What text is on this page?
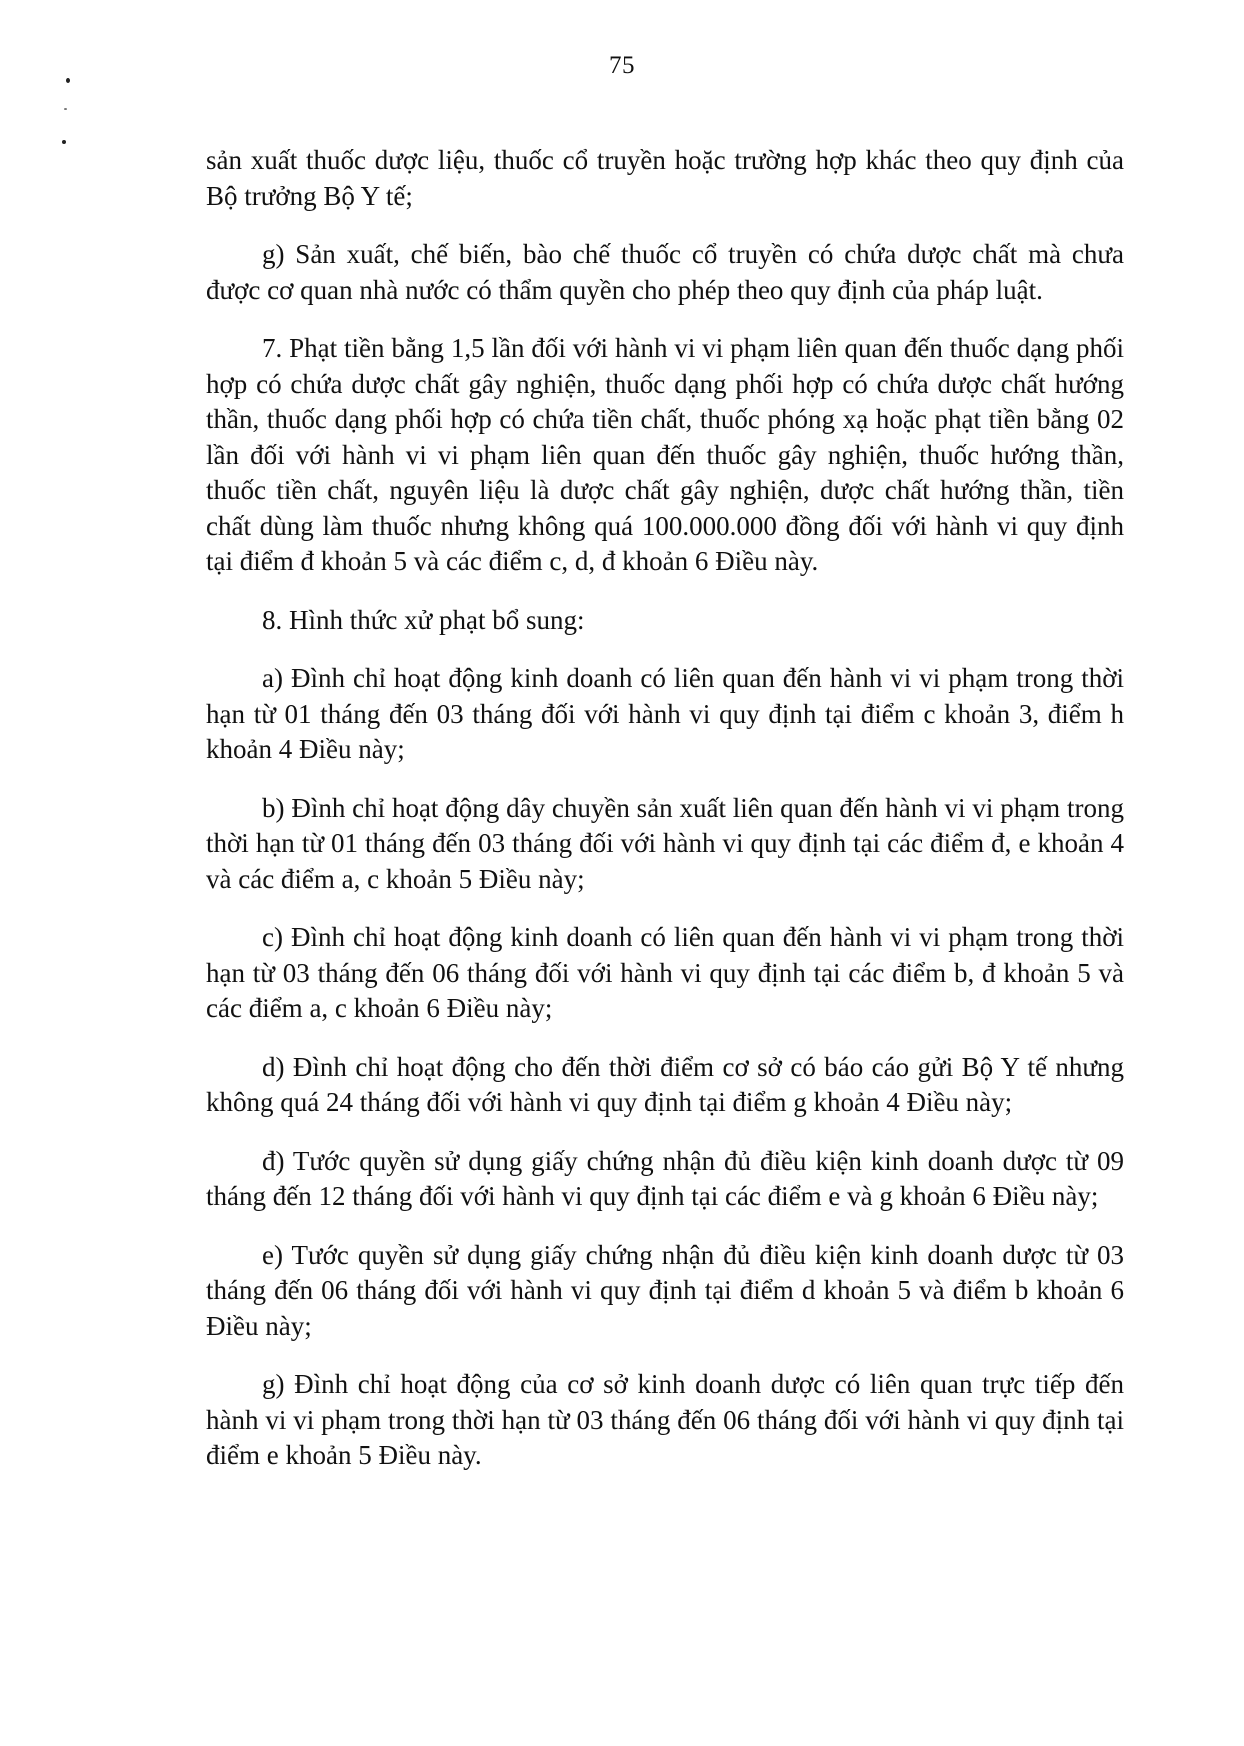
75

sản xuất thuốc dược liệu, thuốc cổ truyền hoặc trường hợp khác theo quy định của Bộ trưởng Bộ Y tế;

g) Sản xuất, chế biến, bào chế thuốc cổ truyền có chứa dược chất mà chưa được cơ quan nhà nước có thẩm quyền cho phép theo quy định của pháp luật.

7. Phạt tiền bằng 1,5 lần đối với hành vi vi phạm liên quan đến thuốc dạng phối hợp có chứa dược chất gây nghiện, thuốc dạng phối hợp có chứa dược chất hướng thần, thuốc dạng phối hợp có chứa tiền chất, thuốc phóng xạ hoặc phạt tiền bằng 02 lần đối với hành vi vi phạm liên quan đến thuốc gây nghiện, thuốc hướng thần, thuốc tiền chất, nguyên liệu là dược chất gây nghiện, dược chất hướng thần, tiền chất dùng làm thuốc nhưng không quá 100.000.000 đồng đối với hành vi quy định tại điểm đ khoản 5 và các điểm c, d, đ khoản 6 Điều này.

8. Hình thức xử phạt bổ sung:

a) Đình chỉ hoạt động kinh doanh có liên quan đến hành vi vi phạm trong thời hạn từ 01 tháng đến 03 tháng đối với hành vi quy định tại điểm c khoản 3, điểm h khoản 4 Điều này;

b) Đình chỉ hoạt động dây chuyền sản xuất liên quan đến hành vi vi phạm trong thời hạn từ 01 tháng đến 03 tháng đối với hành vi quy định tại các điểm đ, e khoản 4 và các điểm a, c khoản 5 Điều này;

c) Đình chỉ hoạt động kinh doanh có liên quan đến hành vi vi phạm trong thời hạn từ 03 tháng đến 06 tháng đối với hành vi quy định tại các điểm b, đ khoản 5 và các điểm a, c khoản 6 Điều này;

d) Đình chỉ hoạt động cho đến thời điểm cơ sở có báo cáo gửi Bộ Y tế nhưng không quá 24 tháng đối với hành vi quy định tại điểm g khoản 4 Điều này;

đ) Tước quyền sử dụng giấy chứng nhận đủ điều kiện kinh doanh dược từ 09 tháng đến 12 tháng đối với hành vi quy định tại các điểm e và g khoản 6 Điều này;

e) Tước quyền sử dụng giấy chứng nhận đủ điều kiện kinh doanh dược từ 03 tháng đến 06 tháng đối với hành vi quy định tại điểm d khoản 5 và điểm b khoản 6 Điều này;

g) Đình chỉ hoạt động của cơ sở kinh doanh dược có liên quan trực tiếp đến hành vi vi phạm trong thời hạn từ 03 tháng đến 06 tháng đối với hành vi quy định tại điểm e khoản 5 Điều này.
